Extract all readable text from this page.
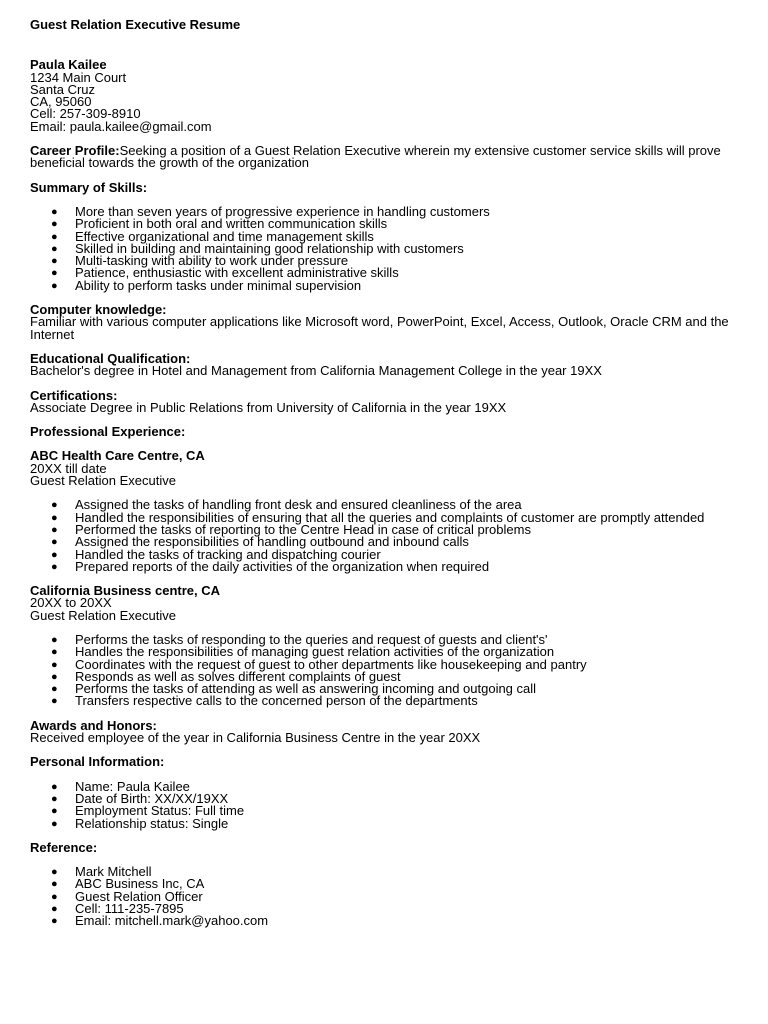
Guest Relation Executive Resume
Paula Kailee
1234 Main Court
Santa Cruz
CA, 95060
Cell: 257-309-8910
Email: paula.kailee@gmail.com
Career Profile:Seeking a position of a Guest Relation Executive wherein my extensive customer service skills will prove beneficial towards the growth of the organization
Summary of Skills:
● More than seven years of progressive experience in handling customers
● Proficient in both oral and written communication skills
● Effective organizational and time management skills
● Skilled in building and maintaining good relationship with customers
● Multi-tasking with ability to work under pressure
● Patience, enthusiastic with excellent administrative skills
● Ability to perform tasks under minimal supervision
Computer knowledge:
Familiar with various computer applications like Microsoft word, PowerPoint, Excel, Access, Outlook, Oracle CRM and the Internet
Educational Qualification:
Bachelor's degree in Hotel and Management from California Management College in the year 19XX
Certifications:
Associate Degree in Public Relations from University of California in the year 19XX
Professional Experience:
ABC Health Care Centre, CA
20XX till date
Guest Relation Executive
● Assigned the tasks of handling front desk and ensured cleanliness of the area
● Handled the responsibilities of ensuring that all the queries and complaints of customer are promptly attended
● Performed the tasks of reporting to the Centre Head in case of critical problems
● Assigned the responsibilities of handling outbound and inbound calls
● Handled the tasks of tracking and dispatching courier
● Prepared reports of the daily activities of the organization when required
California Business centre, CA
20XX to 20XX
Guest Relation Executive
● Performs the tasks of responding to the queries and request of guests and client's'
● Handles the responsibilities of managing guest relation activities of the organization
● Coordinates with the request of guest to other departments like housekeeping and pantry
● Responds as well as solves different complaints of guest
● Performs the tasks of attending as well as answering incoming and outgoing call
● Transfers respective calls to the concerned person of the departments
Awards and Honors:
Received employee of the year in California Business Centre in the year 20XX
Personal Information:
● Name: Paula Kailee
● Date of Birth: XX/XX/19XX
● Employment Status: Full time
● Relationship status: Single
Reference:
● Mark Mitchell
● ABC Business Inc, CA
● Guest Relation Officer
● Cell: 111-235-7895
● Email: mitchell.mark@yahoo.com
